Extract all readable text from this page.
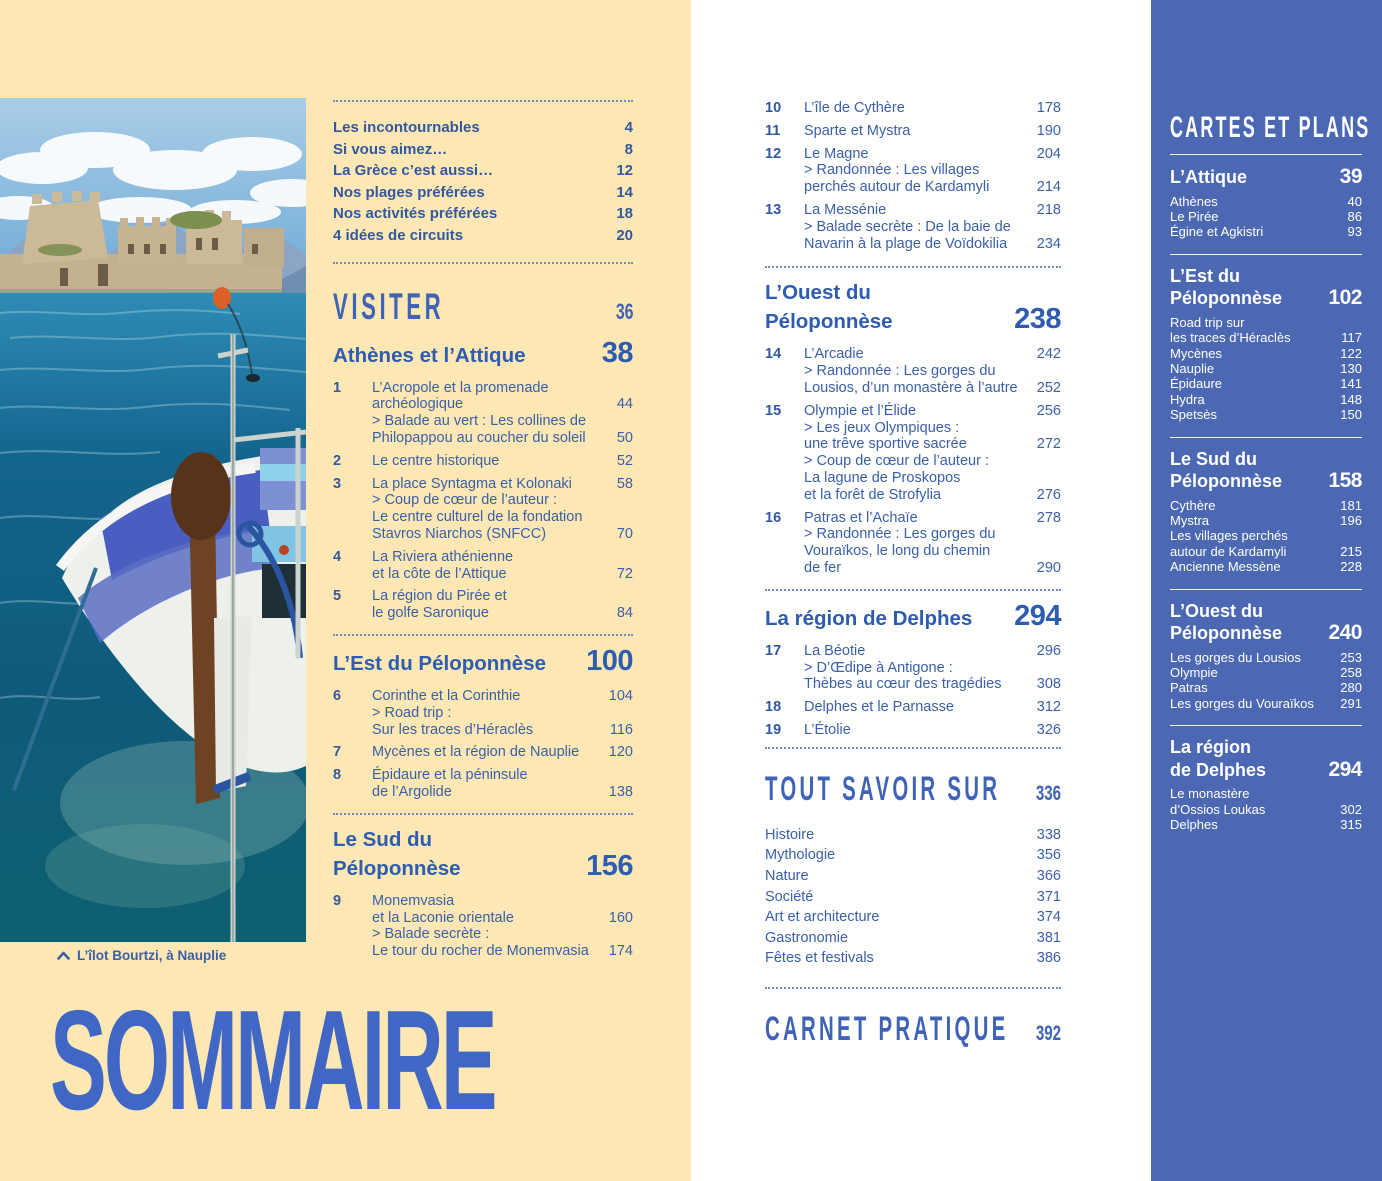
L’îlot Bourtzi, à Nauplie
SOMMAIRE
Les incontournables	4
Si vous aimez…	8
La Grèce c’est aussi…	12
Nos plages préférées	14
Nos activités préférées	18
4 idées de circuits	20
VISITER	36
Athènes et l’Attique	38
1	L’Acropole et la promenade
archéologique	44
> Balade au vert : Les collines de
Philopappou au coucher du soleil	50
2	Le centre historique	52
3	La place Syntagma et Kolonaki	58
> Coup de cœur de l’auteur :
Le centre culturel de la fondation
Stavros Niarchos (SNFCC)	70
4	La Riviera athénienne
et la côte de l’Attique	72
5	La région du Pirée et
le golfe Saronique	84
L’Est du Péloponnèse	100
6	Corinthe et la Corinthie	104
> Road trip :
Sur les traces d’Héraclès	116
7	Mycènes et la région de Nauplie	120
8	Épidaure et la péninsule
de l’Argolide	138
Le Sud du
Péloponnèse	156
9	Monemvasia
et la Laconie orientale	160
> Balade secrète :
Le tour du rocher de Monemvasia	174
10	L’île de Cythère	178
11	Sparte et Mystra	190
12	Le Magne	204
> Randonnée : Les villages
perchés autour de Kardamyli	214
13	La Messénie	218
> Balade secrète : De la baie de
Navarin à la plage de Voïdokilia	234
L’Ouest du
Péloponnèse	238
14	L’Arcadie	242
> Randonnée : Les gorges du
Lousios, d’un monastère à l’autre	252
15	Olympie et l’Élide	256
> Les jeux Olympiques :
une trêve sportive sacrée	272
> Coup de cœur de l’auteur :
La lagune de Proskopos
et la forêt de Strofylia	276
16	Patras et l’Achaïe	278
> Randonnée : Les gorges du
Vouraïkos, le long du chemin
de fer	290
La région de Delphes	294
17	La Béotie	296
> D’Œdipe à Antigone :
Thèbes au cœur des tragédies	308
18	Delphes et le Parnasse	312
19	L’Étolie	326
TOUT SAVOIR SUR 336
Histoire	338
Mythologie	356
Nature	366
Société	371
Art et architecture	374
Gastronomie	381
Fêtes et festivals	386
CARNET PRATIQUE 392
CARTES ET PLANS
L’Attique	39
Athènes	40
Le Pirée	86
Égine et Agkistri	93
L’Est du
Péloponnèse	102
Road trip sur
les traces d’Héraclès	117
Mycènes	122
Nauplie	130
Épidaure	141
Hydra	148
Spetsès	150
Le Sud du
Péloponnèse	158
Cythère	181
Mystra	196
Les villages perchés
autour de Kardamyli	215
Ancienne Messène	228
L’Ouest du
Péloponnèse	240
Les gorges du Lousios	253
Olympie	258
Patras	280
Les gorges du Vouraïkos	291
La région
de Delphes	294
Le monastère
d’Ossios Loukas	302
Delphes	315
